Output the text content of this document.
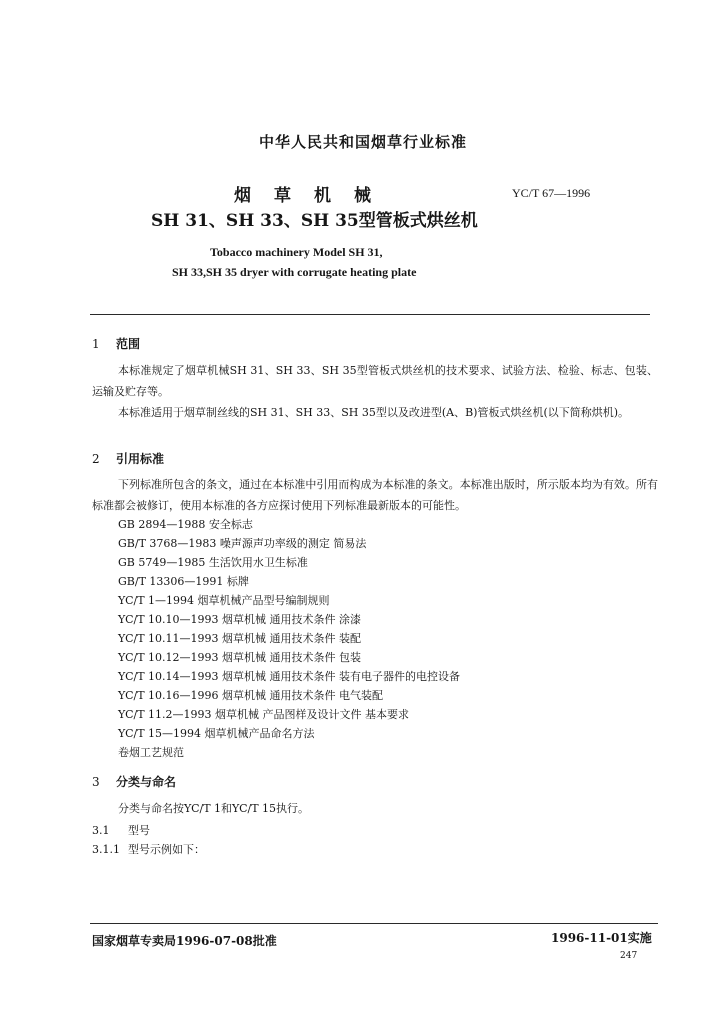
中华人民共和国烟草行业标准
烟草机械	YC/T 67—1996
SH 31、SH 33、SH 35型管板式烘丝机
Tobacco machinery Model SH 31,
SH 33,SH 35 dryer with corrugate heating plate
1 范围
本标准规定了烟草机械SH 31、SH 33、SH 35型管板式烘丝机的技术要求、试验方法、检验、标志、包装、运输及贮存等。
本标准适用于烟草制丝线的SH 31、SH 33、SH 35型以及改进型(A、B)管板式烘丝机(以下简称烘机)。
2 引用标准
下列标准所包含的条文，通过在本标准中引用而构成为本标准的条文。本标准出版时，所示版本均为有效。所有标准都会被修订，使用本标准的各方应探讨使用下列标准最新版本的可能性。
GB 2894—1988 安全标志
GB/T 3768—1983 噪声源声功率级的测定 简易法
GB 5749—1985 生活饮用水卫生标准
GB/T 13306—1991 标牌
YC/T 1—1994 烟草机械产品型号编制规则
YC/T 10.10—1993 烟草机械 通用技术条件 涂漆
YC/T 10.11—1993 烟草机械 通用技术条件 装配
YC/T 10.12—1993 烟草机械 通用技术条件 包装
YC/T 10.14—1993 烟草机械 通用技术条件 装有电子器件的电控设备
YC/T 10.16—1996 烟草机械 通用技术条件 电气装配
YC/T 11.2—1993 烟草机械 产品图样及设计文件 基本要求
YC/T 15—1994 烟草机械产品命名方法
卷烟工艺规范
3 分类与命名
分类与命名按YC/T 1和YC/T 15执行。
3.1 型号
3.1.1 型号示例如下：
国家烟草专卖局1996-07-08批准	1996-11-01实施
247
